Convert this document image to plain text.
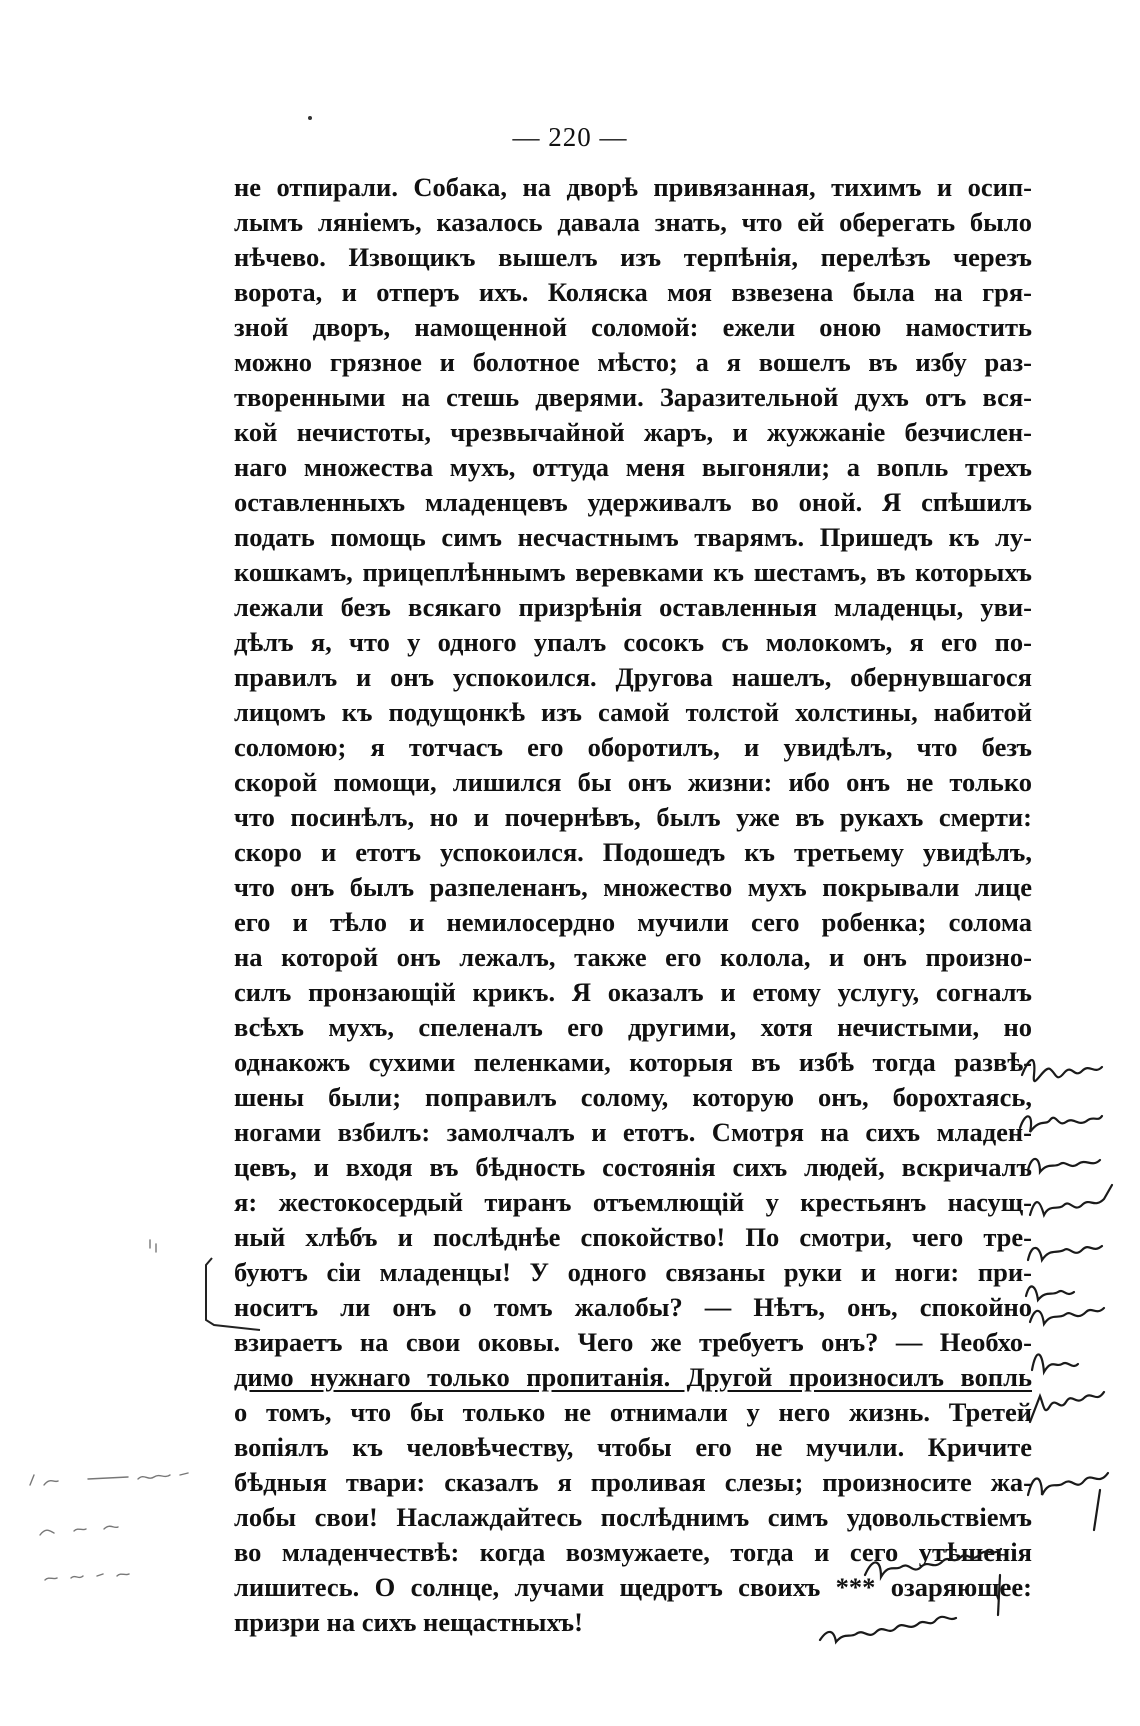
— 220 —
не отпирали. Собака, на дворѣ привязанная, тихимъ и осип-
лымъ ляніемъ, казалось давала знать, что ей оберегать было
нѣчево. Извощикъ вышелъ изъ терпѣнія, перелѣзъ черезъ
ворота, и отперъ ихъ. Коляска моя взвезена была на гря-
зной дворъ, намощенной соломой: ежели оною намостить
можно грязное и болотное мѣсто; а я вошелъ въ избу раз-
творенными на стешь дверями. Заразительной духъ отъ вся-
кой нечистоты, чрезвычайной жаръ, и жужжаніе безчислен-
наго множества мухъ, оттуда меня выгоняли; а вопль трехъ
оставленныхъ младенцевъ удерживалъ во оной. Я спѣшилъ
подать помощь симъ несчастнымъ тварямъ. Пришедъ къ лу-
кошкамъ, прицеплѣннымъ веревками къ шестамъ, въ которыхъ
лежали безъ всякаго призрѣнія оставленныя младенцы, уви-
дѣлъ я, что у одного упалъ сосокъ съ молокомъ, я его по-
правилъ и онъ успокоился. Другова нашелъ, обернувшагося
лицомъ къ подущонкѣ изъ самой толстой холстины, набитой
соломою; я тотчасъ его оборотилъ, и увидѣлъ, что безъ
скорой помощи, лишился бы онъ жизни: ибо онъ не только
что посинѣлъ, но и почернѣвъ, былъ уже въ рукахъ смерти:
скоро и етотъ успокоился. Подошедъ къ третьему увидѣлъ,
что онъ былъ разпеленанъ, множество мухъ покрывали лице
его и тѣло и немилосердно мучили сего робенка; солома
на которой онъ лежалъ, также его колола, и онъ произно-
силъ пронзающій крикъ. Я оказалъ и етому услугу, согналъ
всѣхъ мухъ, спеленалъ его другими, хотя нечистыми, но
однакожъ сухими пеленками, которыя въ избѣ тогда развѣ-
шены были; поправилъ солому, которую онъ, борохтаясь,
ногами взбилъ: замолчалъ и етотъ. Смотря на сихъ младен-
цевъ, и входя въ бѣдность состоянія сихъ людей, вскричалъ
я: жестокосердый тиранъ отъемлющій у крестьянъ насущ-
ный хлѣбъ и послѣднѣе спокойство! По смотри, чего тре-
буютъ сіи младенцы! У одного связаны руки и ноги: при-
носитъ ли онъ о томъ жалобы? — Нѣтъ, онъ, спокойно
взираетъ на свои оковы. Чего же требуетъ онъ? — Необхо-
димо нужнаго только пропитанія. Другой произносилъ вопль
о томъ, что бы только не отнимали у него жизнь. Третей
вопіялъ къ человѣчеству, чтобы его не мучили. Кричите
бѣдныя твари: сказалъ я проливая слезы; произносите жа-
лобы свои! Наслаждайтесь послѣднимъ симъ удовольствіемъ
во младенчествѣ: когда возмужаете, тогда и сего утѣшенія
лишитесь. О солнце, лучами щедротъ своихъ *** озаряющее:
призри на сихъ нещастныхъ!
